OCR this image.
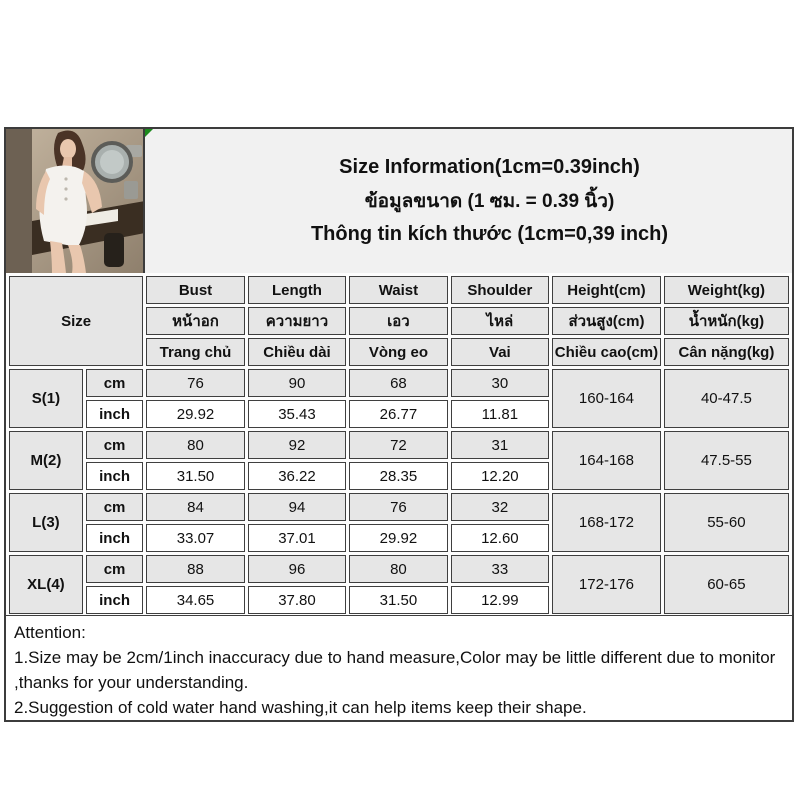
Size Information(1cm=0.39inch)
ข้อมูลขนาด (1 ซม. = 0.39 นิ้ว)
Thông tin kích thước (1cm=0,39 inch)
Size		Bust	Length	Waist	Shoulder	Height(cm)	Weight(kg)
		หน้าอก	ความยาว	เอว	ไหล่	ส่วนสูง(cm)	น้ำหนัก(kg)
		Trang chủ	Chiều dài	Vòng eo	Vai	Chiều cao(cm)	Cân nặng(kg)
S(1)	cm	76	90	68	30	160-164	40-47.5
	inch	29.92	35.43	26.77	11.81		
M(2)	cm	80	92	72	31	164-168	47.5-55
	inch	31.50	36.22	28.35	12.20		
L(3)	cm	84	94	76	32	168-172	55-60
	inch	33.07	37.01	29.92	12.60		
XL(4)	cm	88	96	80	33	172-176	60-65
	inch	34.65	37.80	31.50	12.99		

Attention:

1.Size may be 2cm/1inch inaccuracy due to hand measure,Color may be little different due to monitor ,thanks for your understanding.

2.Suggestion of cold water hand washing,it can help items keep their shape.
